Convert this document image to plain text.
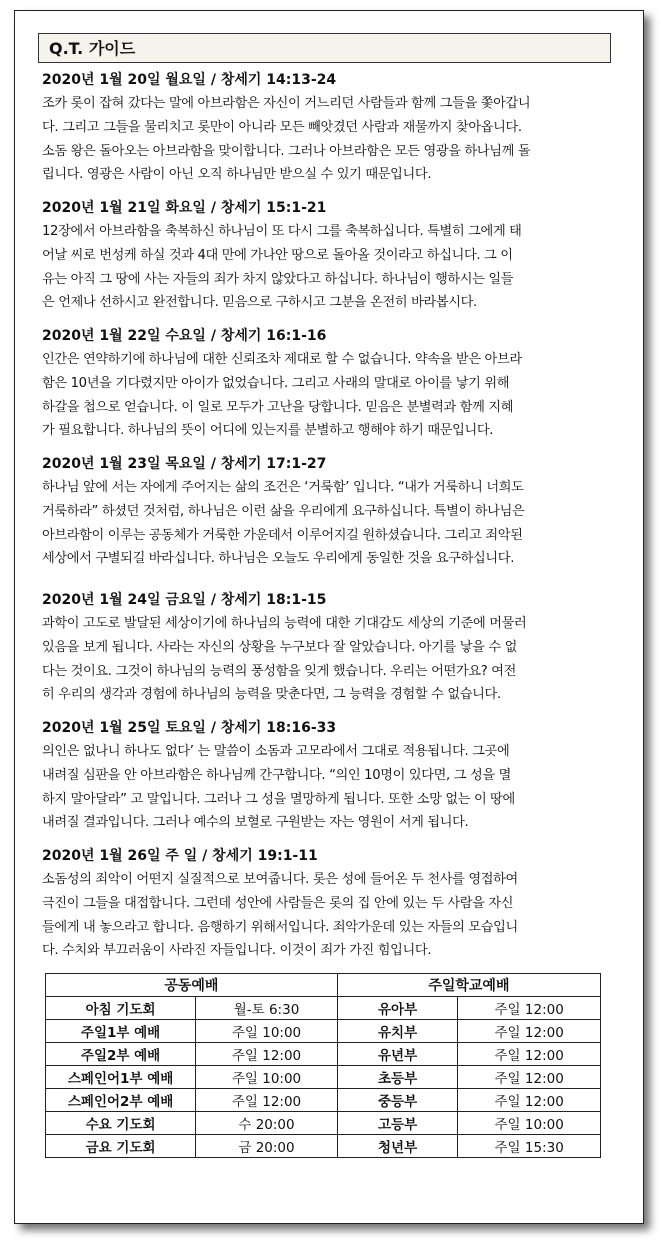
Q.T. 가이드
2020년 1월 20일 월요일 / 창세기 14:13-24
조카 롯이 잡혀 갔다는 말에 아브라함은 자신이 거느리던 사람들과 함께 그들을 쫓아갑니
다. 그리고 그들을 물리치고 롯만이 아니라 모든 빼앗겼던 사람과 재물까지 찾아옵니다.
소돔 왕은 돌아오는 아브라함을 맞이합니다. 그러나 아브라함은 모든 영광을 하나님께 돌
립니다. 영광은 사람이 아닌 오직 하나님만 받으실 수 있기 때문입니다.
2020년 1월 21일 화요일 / 창세기 15:1-21
12장에서 아브라함을 축복하신 하나님이 또 다시 그를 축복하십니다. 특별히 그에게 태
어날 씨로 번성케 하실 것과 4대 만에 가나안 땅으로 돌아올 것이라고 하십니다. 그 이
유는 아직 그 땅에 사는 자들의 죄가 차지 않았다고 하십니다. 하나님이 행하시는 일들
은 언제나 선하시고 완전합니다. 믿음으로 구하시고 그분을 온전히 바라봅시다.
2020년 1월 22일 수요일 / 창세기 16:1-16
인간은 연약하기에 하나님에 대한 신뢰조차 제대로 할 수 없습니다. 약속을 받은 아브라
함은 10년을 기다렸지만 아이가 없었습니다. 그리고 사래의 말대로 아이를 낳기 위해
하갈을 첩으로 얻습니다. 이 일로 모두가 고난을 당합니다. 믿음은 분별력과 함께 지혜
가 필요합니다. 하나님의 뜻이 어디에 있는지를 분별하고 행해야 하기 때문입니다.
2020년 1월 23일 목요일 / 창세기 17:1-27
하나님 앞에 서는 자에게 주어지는 삶의 조건은 ‘거룩함’ 입니다. “내가 거룩하니 너희도
거룩하라” 하셨던 것처럼, 하나님은 이런 삶을 우리에게 요구하십니다. 특별이 하나님은
아브라함이 이루는 공동체가 거룩한 가운데서 이루어지길 원하셨습니다. 그리고 죄악된
세상에서 구별되길 바라십니다. 하나님은 오늘도 우리에게 동일한 것을 요구하십니다.
2020년 1월 24일 금요일 / 창세기 18:1-15
과학이 고도로 발달된 세상이기에 하나님의 능력에 대한 기대감도 세상의 기준에 머물러
있음을 보게 됩니다. 사라는 자신의 상황을 누구보다 잘 알았습니다. 아기를 낳을 수 없
다는 것이요. 그것이 하나님의 능력의 풍성함을 잊게 했습니다. 우리는 어떤가요? 여전
히 우리의 생각과 경험에 하나님의 능력을 맞춘다면, 그 능력을 경험할 수 없습니다.
2020년 1월 25일 토요일 / 창세기 18:16-33
의인은 없나니 하나도 없다’ 는 말씀이 소돔과 고모라에서 그대로 적용됩니다. 그곳에
내려질 심판을 안 아브라함은 하나님께 간구합니다. “의인 10명이 있다면, 그 성을 멸
하지 말아달라” 고 말입니다. 그러나 그 성을 멸망하게 됩니다. 또한 소망 없는 이 땅에
내려질 결과입니다. 그러나 예수의 보혈로 구원받는 자는 영원이 서게 됩니다.
2020년 1월 26일 주 일 / 창세기 19:1-11
소돔성의 죄악이 어떤지 실질적으로 보여줍니다. 롯은 성에 들어온 두 천사를 영접하여
극진이 그들을 대접합니다. 그런데 성안에 사람들은 롯의 집 안에 있는 두 사람을 자신
들에게 내 놓으라고 합니다. 음행하기 위해서입니다. 죄악가운데 있는 자들의 모습입니
다. 수치와 부끄러움이 사라진 자들입니다. 이것이 죄가 가진 힘입니다.
공동예배		주일학교예배	
아침 기도회	월-토 6:30	유아부	주일 12:00
주일1부 예배	주일 10:00	유치부	주일 12:00
주일2부 예배	주일 12:00	유년부	주일 12:00
스페인어1부 예배	주일 10:00	초등부	주일 12:00
스페인어2부 예배	주일 12:00	중등부	주일 12:00
수요 기도회	수 20:00	고등부	주일 10:00
금요 기도회	금 20:00	청년부	주일 15:30
